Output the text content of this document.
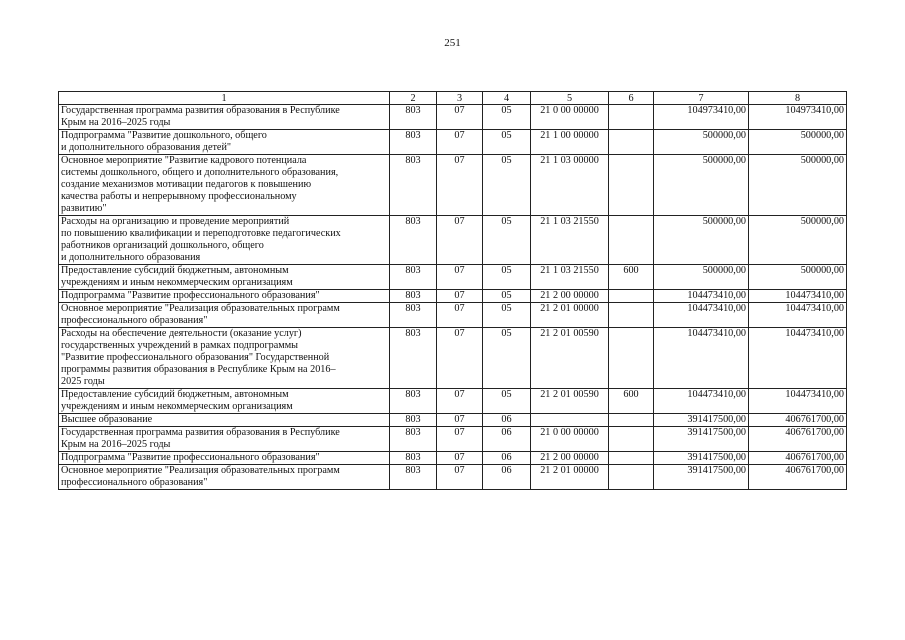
251
1	2	3	4	5	6	7	8
Государственная программа развития образования в Республике
Крым на 2016–2025 годы	803	07	05	21 0 00 00000		104973410,00	104973410,00
Подпрограмма "Развитие дошкольного, общего
и дополнительного образования детей"	803	07	05	21 1 00 00000		500000,00	500000,00
Основное мероприятие "Развитие кадрового потенциала
системы дошкольного, общего и дополнительного образования,
создание механизмов мотивации педагогов к повышению
качества работы и непрерывному профессиональному
развитию"	803	07	05	21 1 03 00000		500000,00	500000,00
Расходы на организацию и проведение мероприятий
по повышению квалификации и переподготовке педагогических
работников организаций дошкольного, общего
и дополнительного образования	803	07	05	21 1 03 21550		500000,00	500000,00
Предоставление субсидий бюджетным, автономным
учреждениям и иным некоммерческим организациям	803	07	05	21 1 03 21550	600	500000,00	500000,00
Подпрограмма "Развитие профессионального образования"	803	07	05	21 2 00 00000		104473410,00	104473410,00
Основное мероприятие "Реализация образовательных программ
профессионального образования"	803	07	05	21 2 01 00000		104473410,00	104473410,00
Расходы на обеспечение деятельности (оказание услуг)
государственных учреждений в рамках подпрограммы
"Развитие профессионального образования" Государственной
программы развития образования в Республике Крым на 2016–
2025 годы	803	07	05	21 2 01 00590		104473410,00	104473410,00
Предоставление субсидий бюджетным, автономным
учреждениям и иным некоммерческим организациям	803	07	05	21 2 01 00590	600	104473410,00	104473410,00
Высшее образование	803	07	06			391417500,00	406761700,00
Государственная программа развития образования в Республике
Крым на 2016–2025 годы	803	07	06	21 0 00 00000		391417500,00	406761700,00
Подпрограмма "Развитие профессионального образования"	803	07	06	21 2 00 00000		391417500,00	406761700,00
Основное мероприятие "Реализация образовательных программ
профессионального образования"	803	07	06	21 2 01 00000		391417500,00	406761700,00
